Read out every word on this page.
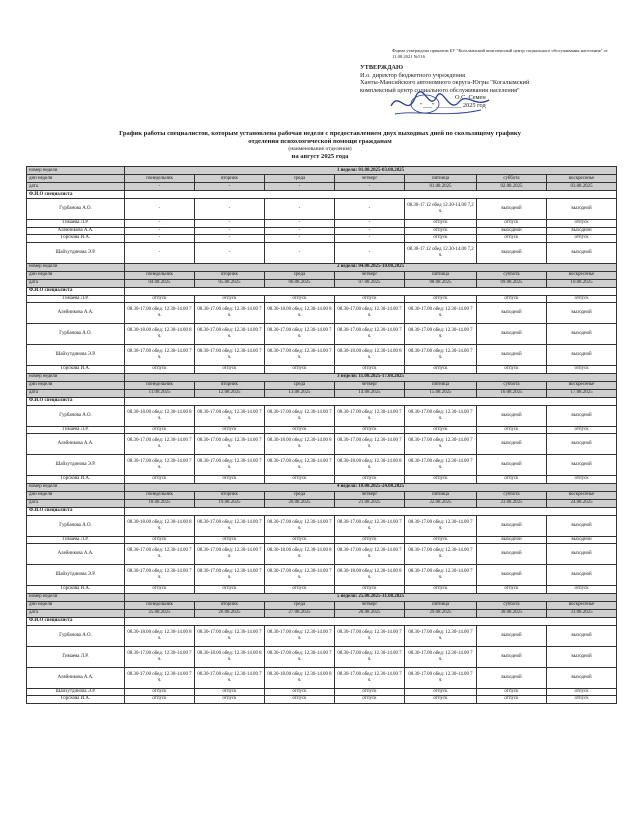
Форма утверждена приказом БУ "Когалымский комплексный центр социального обслуживания населения" от 11.08.2021 №516
УТВЕРЖДАЮ
И.о. директор бюджетного учреждения
Ханты-Мансийского автономного округа-Югры "Когалымский
комплексный центр социального обслуживания населения"
О.С. Семен
"___" ________ 2025 год
График работы специалистов, которым установлена рабочая неделя с предоставлением двух выходных дней по скользящему графику
отделения психологической помощи гражданам
(наименование отделения)
на август 2025 года
номер недели	1 неделя: 01.08.2025-03.08.2025						
дни недели	понедельник	вторник	среда	четверг	пятница	суббота	воскресенье
дата	-	-	-	-	01.08.2025	02.08.2025	03.08.2025
Ф.И.О специалиста							
Гурбанова А.О.	-	-	-	-	08.30-17.12 обед 12.30-14.00 7,2 ч.	выходной	выходной
Гимаева Л.Р.	-	-	-	-	отпуск	отпуск	отпуск
Алейникова А.А.	-	-	-	-	отпуск	выходной	выходной
Горскова И.А.	-	-	-	-	отпуск	отпуск	отпуск
Шайхутдинова Э.Р.	-	-	-	-	08.30-17.12 обед 12.30-14.00 7,2 ч.	выходной	выходной
номер недели	2 неделя: 04.08.2025-10.08.2025						
дни недели	понедельник	вторник	среда	четверг	пятница	суббота	воскресенье
дата	04.08.2025	05.08.2025	06.08.2025	07.08.2025	08.08.2025	09.08.2025	10.08.2025
Ф.И.О специалиста							
Гимаева Л.Р.	отпуск	отпуск	отпуск	отпуск	отпуск	отпуск	отпуск
Алейникова А.А.	08.30-17.00 обед: 12.30-14.00 7 ч.	08.30-17.00 обед: 12.30-14.00 7 ч.	08.30-18.00 обед: 12.30-14.00 8 ч.	08.30-17.00 обед: 12.30-14.00 7 ч.	08.30-17.00 обед: 12.30-14.00 7 ч.	выходной	выходной
Гурбанова А.О.	08.30-18.00 обед: 12.30-14.00 8 ч.	08.30-17.00 обед: 12.30-14.00 7 ч.	08.30-17.00 обед: 12.30-14.00 7 ч.	08.30-17.00 обед: 12.30-14.00 7 ч.	08.30-17.00 обед: 12.30-14.00 7 ч.	выходной	выходной
Шайхутдинова Э.Р.	08.30-17.00 обед: 12.30-14.00 7 ч.	08.30-17.00 обед: 12.30-14.00 7 ч.	08.30-17.00 обед: 12.30-14.00 7 ч.	08.30-18.00 обед: 12.30-14.00 8 ч.	08.30-17.00 обед: 12.30-14.00 7 ч.	выходной	выходной
Горскова И.А.	отпуск	отпуск	отпуск	отпуск	отпуск	отпуск	отпуск
номер недели	3 неделя: 11.08.2025-17.08.2025						
дни недели	понедельник	вторник	среда	четверг	пятница	суббота	воскресенье
дата	11.08.2025	12.08.2025	13.08.2025	14.08.2025	15.08.2025	16.08.2025	17.08.2025
Ф.И.О специалиста							
Гурбанова А.О.	08.30-18.00 обед: 12.30-14.00 8 ч.	08.30-17.00 обед: 12.30-14.00 7 ч.	08.30-17.00 обед: 12.30-14.00 7 ч.	08.30-17.00 обед: 12.30-14.00 7 ч.	08.30-17.00 обед: 12.30-14.00 7 ч.	выходной	выходной
Гимаева Л.Р.	отпуск	отпуск	отпуск	отпуск	отпуск	отпуск	отпуск
Алейникова А.А.	08.30-17.00 обед: 12.30-14.00 7 ч.	08.30-17.00 обед: 12.30-14.00 7 ч.	08.30-18.00 обед: 12.30-14.00 8 ч.	08.30-17.00 обед: 12.30-14.00 7 ч.	08.30-17.00 обед: 12.30-14.00 7 ч.	выходной	выходной
Шайхутдинова Э.Р.	08.30-17.00 обед: 12.30-14.00 7 ч.	08.30-17.00 обед: 12.30-14.00 7 ч.	08.30-17.00 обед: 12.30-14.00 7 ч.	08.30-18.00 обед: 12.30-14.00 8 ч.	08.30-17.00 обед: 12.30-14.00 7 ч.	выходной	выходной
Горскова И.А.	отпуск	отпуск	отпуск	отпуск	отпуск	отпуск	отпуск
номер недели	4 неделя: 18.08.2025-24.08.2025						
дни недели	понедельник	вторник	среда	четверг	пятница	суббота	воскресенье
дата	18.08.2025	19.08.2025	20.08.2025	21.08.2025	22.08.2025	23.08.2025	24.08.2025
Ф.И.О специалиста							
Гурбанова А.О.	08.30-18.00 обед: 12.30-14.00 8 ч.	08.30-17.00 обед: 12.30-14.00 7 ч.	08.30-17.00 обед: 12.30-14.00 7 ч.	08.30-17.00 обед: 12.30-14.00 7 ч.	08.30-17.00 обед: 12.30-14.00 7 ч.	выходной	выходной
Гимаева Л.Р.	отпуск	отпуск	отпуск	отпуск	отпуск	выходной	выходной
Алейникова А.А.	08.30-17.00 обед: 12.30-14.00 7 ч.	08.30-17.00 обед: 12.30-14.00 7 ч.	08.30-18.00 обед: 12.30-14.00 8 ч.	08.30-17.00 обед: 12.30-14.00 7 ч.	08.30-17.00 обед: 12.30-14.00 7 ч.	выходной	выходной
Шайхутдинова Э.Р.	08.30-17.00 обед: 12.30-14.00 7 ч.	08.30-17.00 обед: 12.30-14.00 7 ч.	08.30-17.00 обед: 12.30-14.00 7 ч.	08.30-18.00 обед: 12.30-14.00 8 ч.	08.30-17.00 обед: 12.30-14.00 7 ч.	выходной	выходной
Горскова И.А.	отпуск	отпуск	отпуск	отпуск	отпуск	отпуск	отпуск
номер недели	5 неделя: 25.08.2025-31.08.2025						
дни недели	понедельник	вторник	среда	четверг	пятница	суббота	воскресенье
дата	25.08.2025	26.08.2025	27.08.2025	28.08.2025	29.08.2025	30.08.2025	31.08.2025
Ф.И.О специалиста							
Гурбанова А.О.	08.30-18.00 обед: 12.30-14.00 8 ч.	08.30-17.00 обед: 12.30-14.00 7 ч.	08.30-17.00 обед: 12.30-14.00 7 ч.	08.30-17.00 обед: 12.30-14.00 7 ч.	08.30-17.00 обед: 12.30-14.00 7 ч.	выходной	выходной
Гимаева Л.Р.	08.30-17.00 обед: 12.30-14.00 7 ч.	08.30-18.00 обед: 12.30-14.00 8 ч.	08.30-17.00 обед: 12.30-14.00 7 ч.	08.30-17.00 обед: 12.30-14.00 7 ч.	08.30-17.00 обед: 12.30-14.00 7 ч.	выходной	выходной
Алейникова А.А.	08.30-17.00 обед: 12.30-14.00 7 ч.	08.30-17.00 обед: 12.30-14.00 7 ч.	08.30-18.00 обед: 12.30-14.00 8 ч.	08.30-17.00 обед: 12.30-14.00 7 ч.	08.30-17.00 обед: 12.30-14.00 7 ч.	выходной	выходной
Шайхутдинова Э.Р.	отпуск	отпуск	отпуск	отпуск	отпуск	отпуск	отпуск
Горскова И.А.	отпуск	отпуск	отпуск	отпуск	отпуск	отпуск	отпуск
